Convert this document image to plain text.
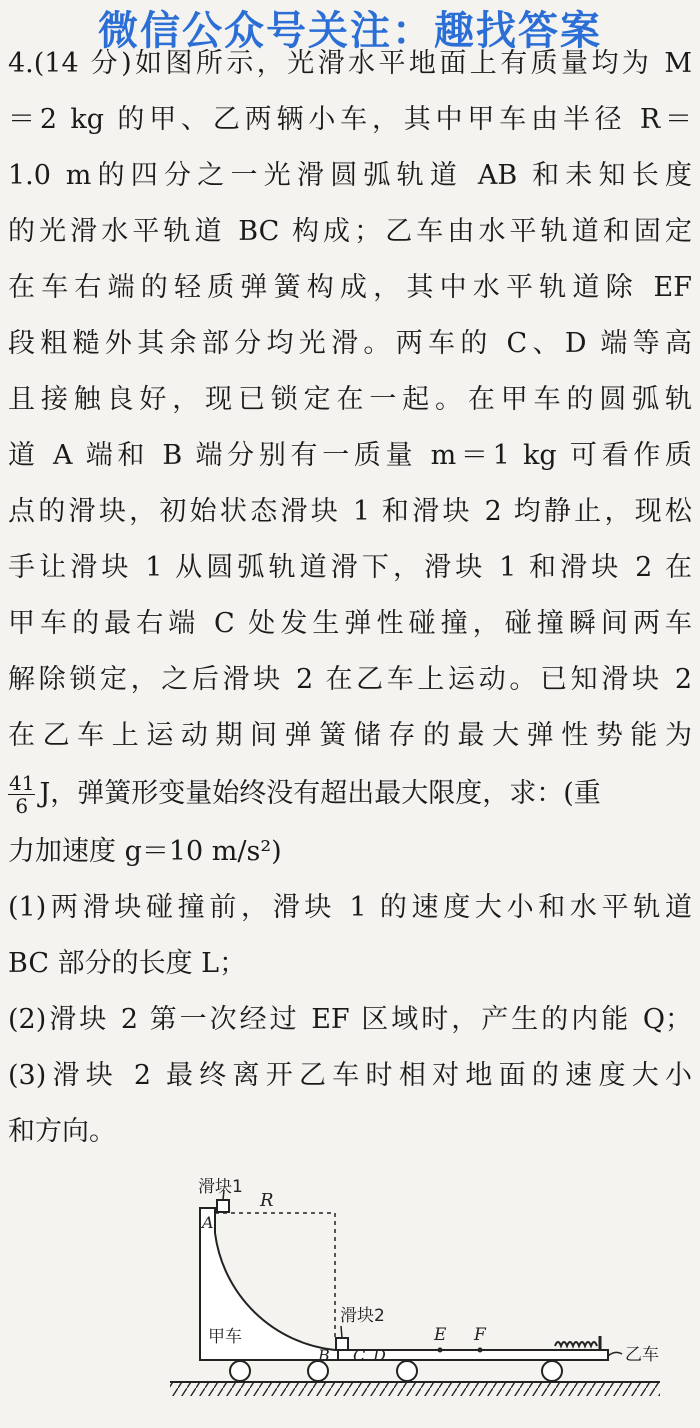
微信公众号关注：趣找答案
4.(14 分)如图所示，光滑水平地面上有质量均为 M
＝2 kg 的甲、乙两辆小车，其中甲车由半径 R＝
1.0 m的四分之一光滑圆弧轨道 AB 和未知长度
的光滑水平轨道 BC 构成；乙车由水平轨道和固定
在车右端的轻质弹簧构成，其中水平轨道除 EF
段粗糙外其余部分均光滑。两车的 C、D 端等高
且接触良好，现已锁定在一起。在甲车的圆弧轨
道 A 端和 B 端分别有一质量 m＝1 kg 可看作质
点的滑块，初始状态滑块 1 和滑块 2 均静止，现松
手让滑块 1 从圆弧轨道滑下，滑块 1 和滑块 2 在
甲车的最右端 C 处发生弹性碰撞，碰撞瞬间两车
解除锁定，之后滑块 2 在乙车上运动。已知滑块 2
在乙车上运动期间弹簧储存的最大弹性势能为
$\frac{41}{6}$ J，弹簧形变量始终没有超出最大限度，求：(重
力加速度 g＝10 m/s²)
(1)两滑块碰撞前，滑块 1 的速度大小和水平轨道
BC 部分的长度 L；
(2)滑块 2 第一次经过 EF 区域时，产生的内能 Q；
(3)滑块 2 最终离开乙车时相对地面的速度大小
和方向。
滑块1
R
A
滑块2
B C D
E F
甲车
乙车
